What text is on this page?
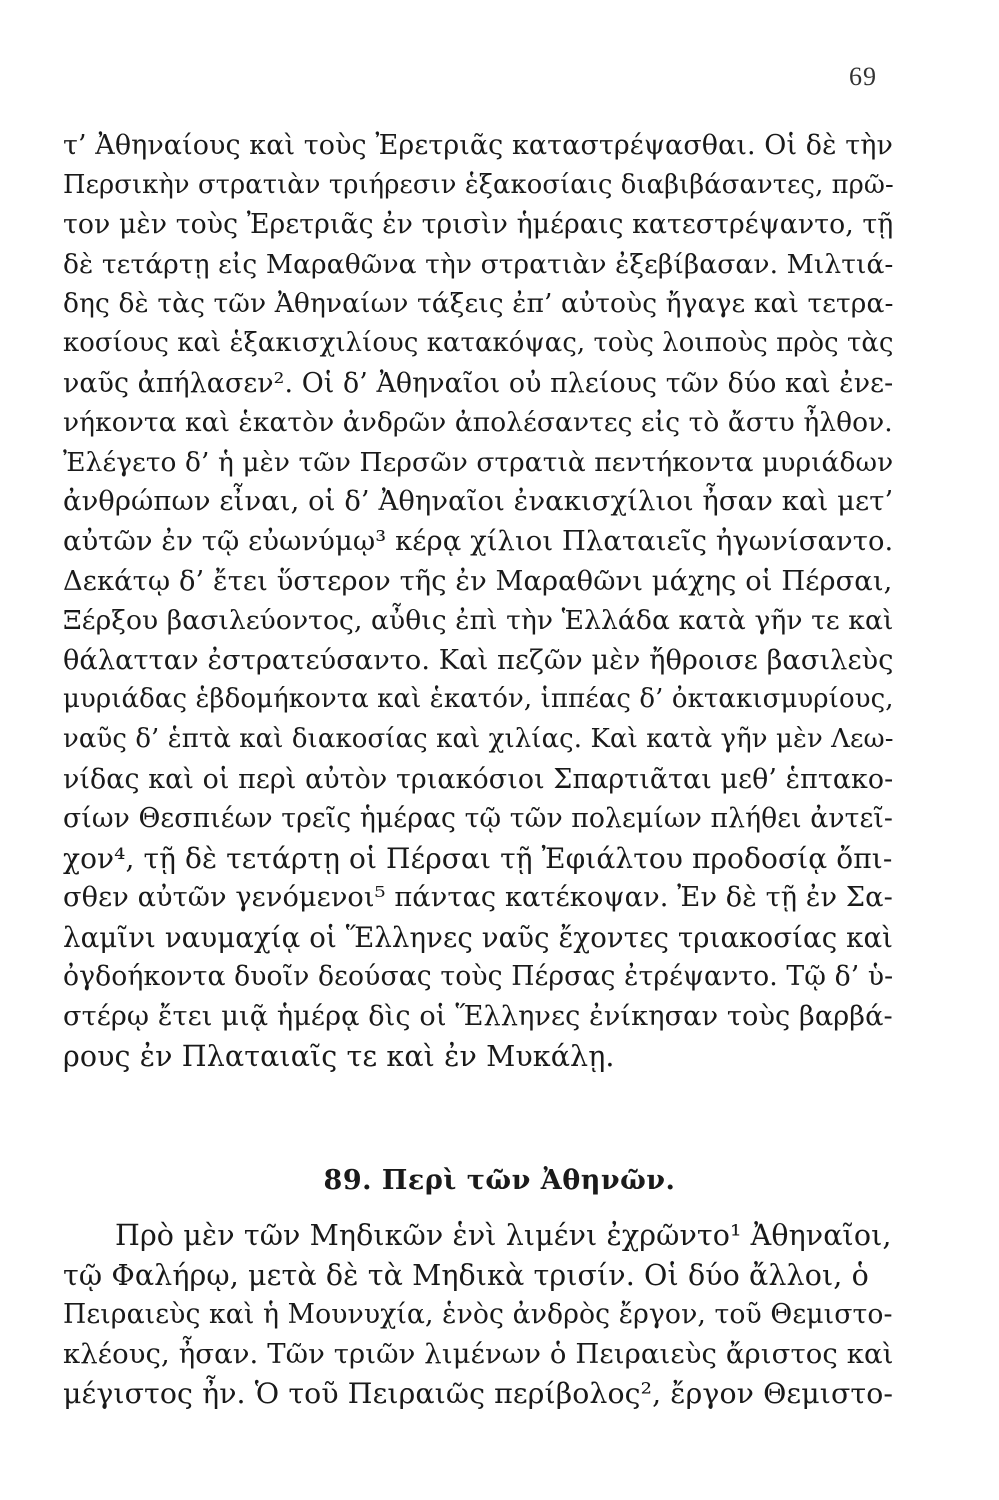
69
τ’ Ἀθηναίους καὶ τοὺς Ἐρετριᾶς καταστρέψασθαι. Οἱ δὲ τὴν
Περσικὴν στρατιὰν τριήρεσιν ἑξακοσίαις διαβιβάσαντες, πρῶ-
τον μὲν τοὺς Ἐρετριᾶς ἐν τρισὶν ἡμέραις κατεστρέψαντο, τῇ
δὲ τετάρτῃ εἰς Μαραθῶνα τὴν στρατιὰν ἐξεβίβασαν. Μιλτιά-
δης δὲ τὰς τῶν Ἀθηναίων τάξεις ἐπ’ αὐτοὺς ἤγαγε καὶ τετρα-
κοσίους καὶ ἑξακισχιλίους κατακόψας, τοὺς λοιποὺς πρὸς τὰς
ναῦς ἀπήλασεν². Οἱ δ’ Ἀθηναῖοι οὐ πλείους τῶν δύο καὶ ἐνε-
νήκοντα καὶ ἑκατὸν ἀνδρῶν ἀπολέσαντες εἰς τὸ ἄστυ ἦλθον.
Ἐλέγετο δ’ ἡ μὲν τῶν Περσῶν στρατιὰ πεντήκοντα μυριάδων
ἀνθρώπων εἶναι, οἱ δ’ Ἀθηναῖοι ἐνακισχίλιοι ἦσαν καὶ μετ’
αὐτῶν ἐν τῷ εὐωνύμῳ³ κέρᾳ χίλιοι Πλαταιεῖς ἠγωνίσαντο.
Δεκάτῳ δ’ ἔτει ὕστερον τῆς ἐν Μαραθῶνι μάχης οἱ Πέρσαι,
Ξέρξου βασιλεύοντος, αὖθις ἐπὶ τὴν Ἑλλάδα κατὰ γῆν τε καὶ
θάλατταν ἐστρατεύσαντο. Καὶ πεζῶν μὲν ἤθροισε βασιλεὺς
μυριάδας ἑβδομήκοντα καὶ ἑκατόν, ἱππέας δ’ ὀκτακισμυρίους,
ναῦς δ’ ἑπτὰ καὶ διακοσίας καὶ χιλίας. Καὶ κατὰ γῆν μὲν Λεω-
νίδας καὶ οἱ περὶ αὐτὸν τριακόσιοι Σπαρτιᾶται μεθ’ ἑπτακο-
σίων Θεσπιέων τρεῖς ἡμέρας τῷ τῶν πολεμίων πλήθει ἀντεῖ-
χον⁴, τῇ δὲ τετάρτῃ οἱ Πέρσαι τῇ Ἐφιάλτου προδοσίᾳ ὄπι-
σθεν αὐτῶν γενόμενοι⁵ πάντας κατέκοψαν. Ἐν δὲ τῇ ἐν Σα-
λαμῖνι ναυμαχίᾳ οἱ Ἕλληνες ναῦς ἔχοντες τριακοσίας καὶ
ὀγδοήκοντα δυοῖν δεούσας τοὺς Πέρσας ἐτρέψαντο. Τῷ δ’ ὑ-
στέρῳ ἔτει μιᾷ ἡμέρᾳ δὶς οἱ Ἕλληνες ἐνίκησαν τοὺς βαρβά-
ρους ἐν Πλαταιαῖς τε καὶ ἐν Μυκάλῃ.
89. Περὶ τῶν Ἀθηνῶν.
Πρὸ μὲν τῶν Μηδικῶν ἑνὶ λιμένι ἐχρῶντο¹ Ἀθηναῖοι,
τῷ Φαλήρῳ, μετὰ δὲ τὰ Μηδικὰ τρισίν. Οἱ δύο ἄλλοι, ὁ
Πειραιεὺς καὶ ἡ Μουνυχία, ἑνὸς ἀνδρὸς ἔργον, τοῦ Θεμιστο-
κλέους, ἦσαν. Τῶν τριῶν λιμένων ὁ Πειραιεὺς ἄριστος καὶ
μέγιστος ἦν. Ὁ τοῦ Πειραιῶς περίβολος², ἔργον Θεμιστο-
